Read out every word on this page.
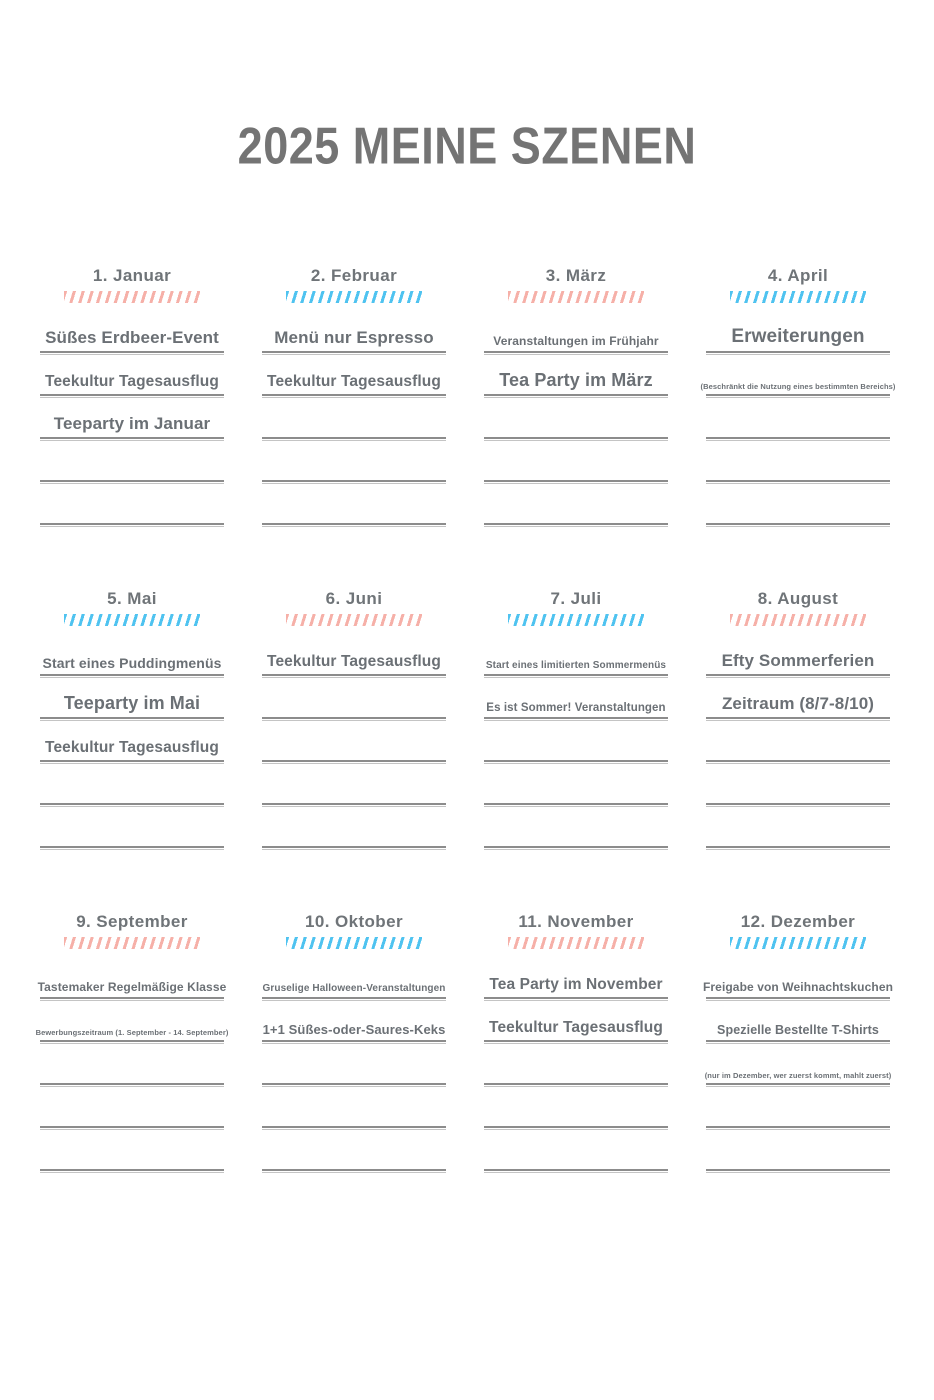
2025 MEINE SZENEN
1. Januar
Süßes Erdbeer-Event
Teekultur Tagesausflug
Teeparty im Januar
2. Februar
Menü nur Espresso
Teekultur Tagesausflug
3. März
Veranstaltungen im Frühjahr
Tea Party im März
4. April
Erweiterungen
(Beschränkt die Nutzung eines bestimmten Bereichs)
5. Mai
Start eines Puddingmenüs
Teeparty im Mai
Teekultur Tagesausflug
6. Juni
Teekultur Tagesausflug
7. Juli
Start eines limitierten Sommermenüs
Es ist Sommer! Veranstaltungen
8. August
Efty Sommerferien
Zeitraum (8/7-8/10)
9. September
Tastemaker Regelmäßige Klasse
Bewerbungszeitraum (1. September - 14. September)
10. Oktober
Gruselige Halloween-Veranstaltungen
1+1 Süßes-oder-Saures-Keks
11. November
Tea Party im November
Teekultur Tagesausflug
12. Dezember
Freigabe von Weihnachtskuchen
Spezielle Bestellte T-Shirts
(nur im Dezember, wer zuerst kommt, mahlt zuerst)
